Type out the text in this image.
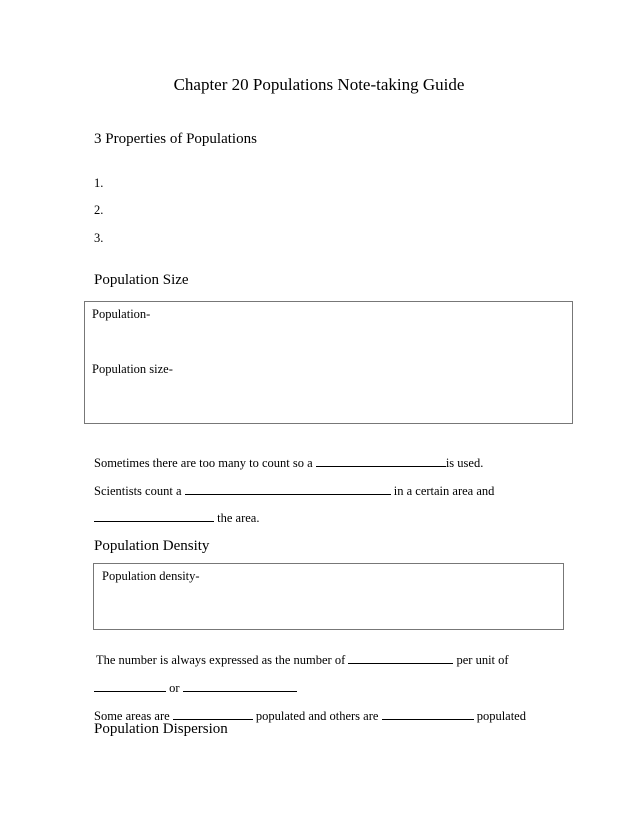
Chapter 20 Populations Note-taking Guide
3 Properties of Populations
1.
2.
3.
Population Size
Population-
Population size-
Sometimes there are too many to count so a	is used.
Scientists count a	in a certain area and
the area.
Population Density
Population density-
The number is always expressed as the number of	per unit of
or
Some areas are	populated and others are	populated
Population Dispersion
